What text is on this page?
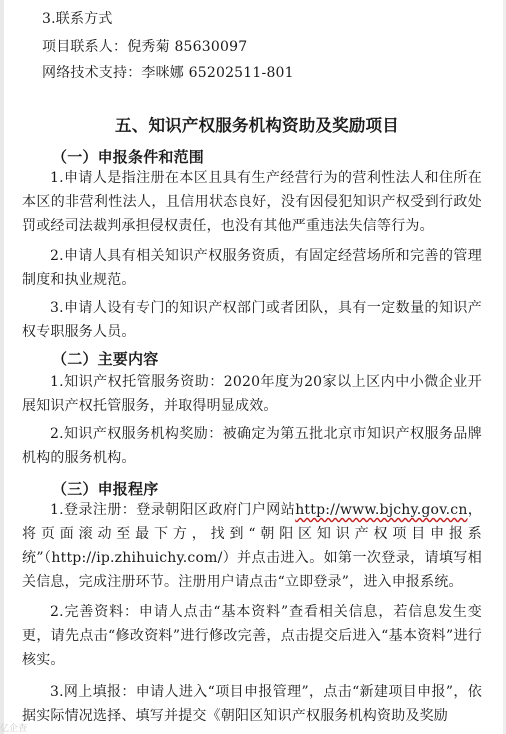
3.联系方式

项目联系人：倪秀菊 85630097

网络技术支持：李咪娜 65202511-801

五、知识产权服务机构资助及奖励项目

（一）申报条件和范围

1.申请人是指注册在本区且具有生产经营行为的营利性法人和住所在本区的非营利性法人，且信用状态良好，没有因侵犯知识产权受到行政处罚或经司法裁判承担侵权责任，也没有其他严重违法失信等行为。

2.申请人具有相关知识产权服务资质，有固定经营场所和完善的管理制度和执业规范。

3.申请人设有专门的知识产权部门或者团队，具有一定数量的知识产权专职服务人员。

（二）主要内容

1.知识产权托管服务资助：2020年度为20家以上区内中小微企业开展知识产权托管服务，并取得明显成效。

2.知识产权服务机构奖励：被确定为第五批北京市知识产权服务品牌机构的服务机构。

（三）申报程序

1.登录注册：登录朝阳区政府门户网站http://www.bjchy.gov.cn，将页面滚动至最下方，找到“朝阳区知识产权项目申报系统”（http://ip.zhihuichy.com/）并点击进入。如第一次登录，请填写相关信息，完成注册环节。注册用户请点击“立即登录”，进入申报系统。

2.完善资料：申请人点击“基本资料”查看相关信息，若信息发生变更，请先点击“修改资料”进行修改完善，点击提交后进入“基本资料”进行核实。

3.网上填报：申请人进入“项目申报管理”，点击“新建项目申报”，依据实际情况选择、填写并提交《朝阳区知识产权服务机构资助及奖励

亿企查
